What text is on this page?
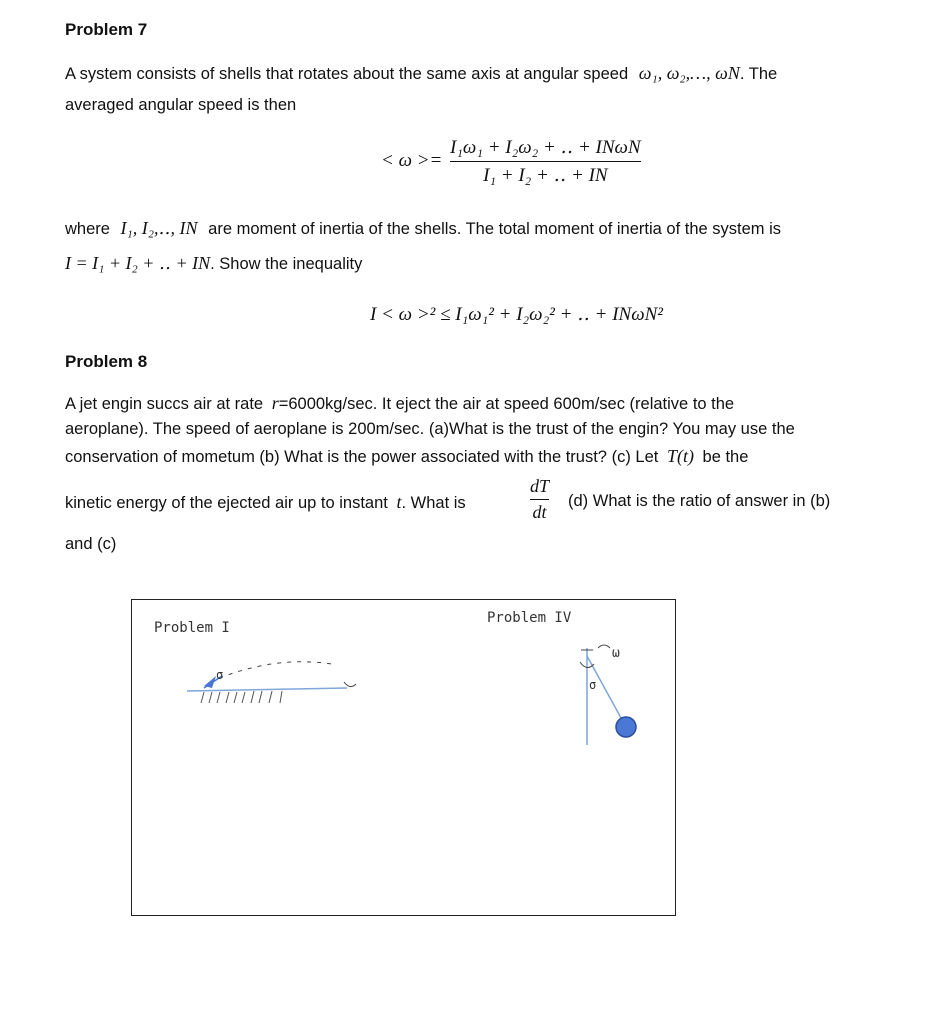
Problem 7
A system consists of shells that rotates about the same axis at angular speed ω₁, ω₂,…, ωN. The
averaged angular speed is then
< ω >=
I₁ω₁ + I₂ω₂ + ‥ + INωN
I₁ + I₂ + ‥ + IN
where I₁, I₂,‥, IN are moment of inertia of the shells. The total moment of inertia of the system is
I = I₁ + I₂ + ‥ + IN. Show the inequality
I < ω >² ≤ I₁ω₁² + I₂ω₂² + ‥ + INωN²
Problem 8
A jet engin succs air at rate r=6000kg/sec. It eject the air at speed 600m/sec (relative to the
aeroplane). The speed of aeroplane is 200m/sec. (a)What is the trust of the engin? You may use the
conservation of mometum (b) What is the power associated with the trust? (c) Let T(t) be the
kinetic energy of the ejected air up to instant t. What is
dT
dt
(d) What is the ratio of answer in (b)
and (c)
Problem I
Problem IV
σ
σ
ω
